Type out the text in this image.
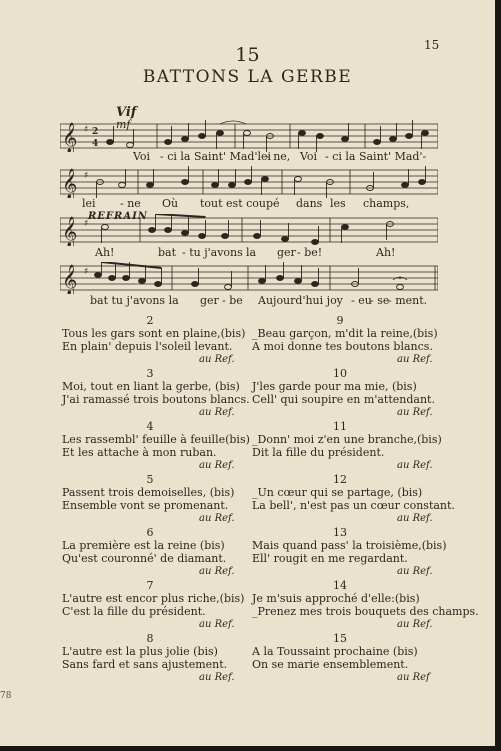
15
15
BATTONS LA GERBE
Vif
mf
𝄞 ♯ 2
4
Voi - ci la Saint' Mad'lei
- ne, Voi - ci la Saint' Mad'-
𝄞 ♯
lei - ne Où tout est coupé dans les champs,
REFRAIN
𝄞 ♯
Ah!	bat - tu j'avons la ger - be!	Ah!
𝄞 ♯
bat tu j'avons la ger - be Aujourd'hui joy - eu
- se
- ment.
2
Tous les gars sont en plaine,(bis)
En plain' depuis l'soleil levant.
au Ref.
3
Moi, tout en liant la gerbe, (bis)
J'ai ramassé trois boutons blancs.
au Ref.
4
Les rassembl' feuille à feuille(bis)
Et les attache à mon ruban.
au Ref.
5
Passent trois demoiselles, (bis)
Ensemble vont se promenant.
au Ref.
6
La première est la reine (bis)
Qu'est couronné' de diamant.
au Ref.
7
L'autre est encor plus riche,(bis)
C'est la fille du président.
au Ref.
8
L'autre est la plus jolie (bis)
Sans fard et sans ajustement.
au Ref.
9
_Beau garçon, m'dit la reine,(bis)
A moi donne tes boutons blancs.
au Ref.
10
J'les garde pour ma mie, (bis)
Cell' qui soupire en m'attendant.
au Ref.
11
_Donn' moi z'en une branche,(bis)
Dit la fille du président.
au Ref.
12
_Un cœur qui se partage, (bis)
La bell', n'est pas un cœur constant.
au Ref.
13
Mais quand pass' la troisième,(bis)
Ell' rougit en me regardant.
au Ref.
14
Je m'suis approché d'elle:(bis)
_Prenez mes trois bouquets des champs.
au Ref.
15
A la Toussaint prochaine (bis)
On se marie ensemblement.
au Ref
78
